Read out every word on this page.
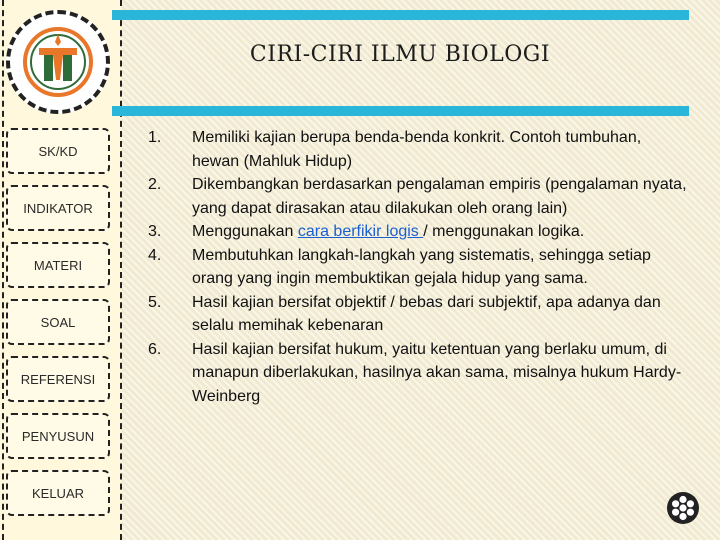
SK/KD
INDIKATOR
MATERI
SOAL
REFERENSI
PENYUSUN
KELUAR
CIRI-CIRI ILMU BIOLOGI
1.	Memiliki kajian berupa benda-benda konkrit. Contoh tumbuhan, hewan (Mahluk Hidup)
2.	Dikembangkan berdasarkan pengalaman empiris (pengalaman nyata, yang dapat dirasakan atau dilakukan oleh orang lain)
3.	Menggunakan cara berfikir logis / menggunakan logika.
4.	Membutuhkan langkah-langkah yang sistematis, sehingga setiap orang yang ingin membuktikan gejala hidup yang sama.
5.	Hasil kajian bersifat objektif / bebas dari subjektif, apa adanya dan selalu memihak kebenaran
6.	Hasil kajian bersifat hukum, yaitu ketentuan yang berlaku umum, di manapun diberlakukan, hasilnya akan sama, misalnya hukum Hardy-Weinberg
